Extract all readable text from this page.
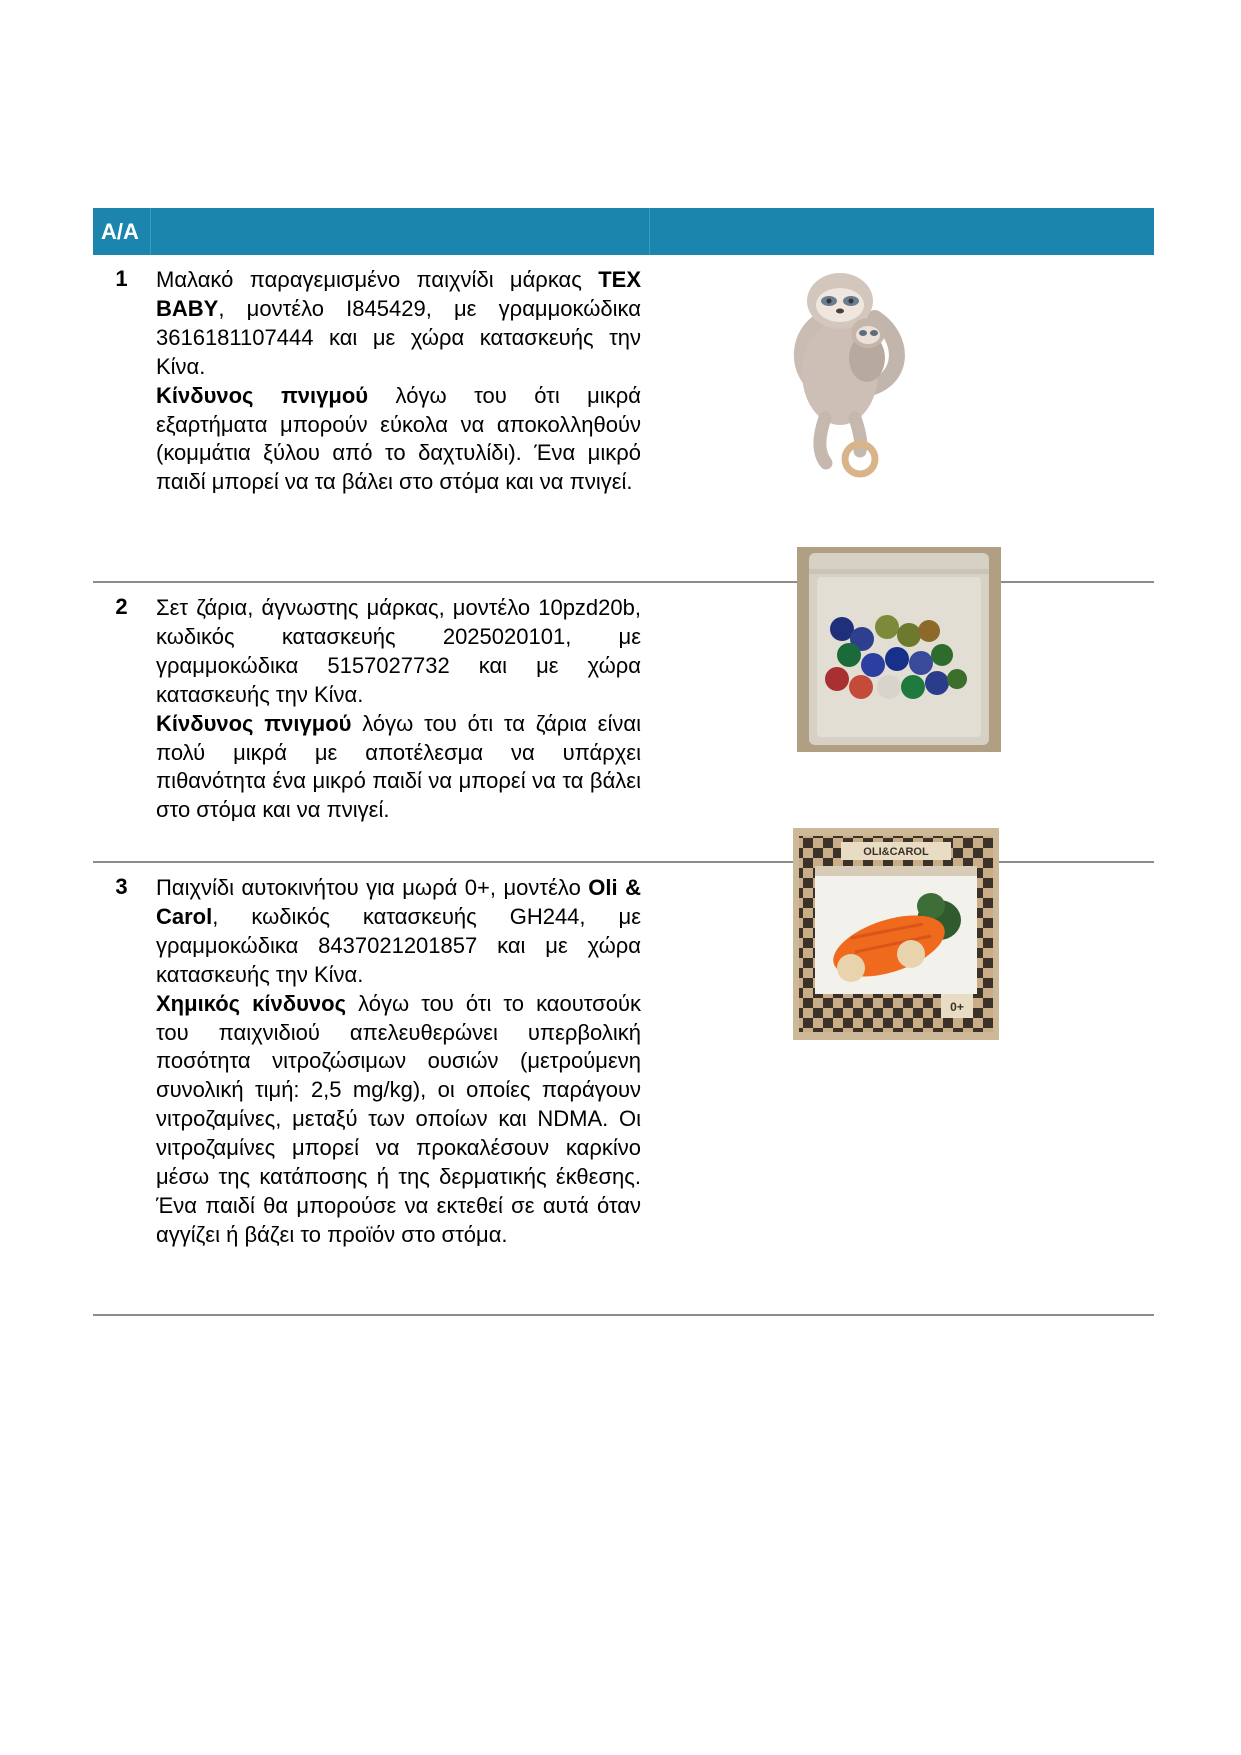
Α/Α		
1	Μαλακό παραγεμισμένο παιχνίδι μάρκας TEX BABY, μοντέλο I845429, με γραμμοκώδικα 3616181107444 και με χώρα κατασκευής την Κίνα.

Κίνδυνος πνιγμού λόγω του ότι μικρά εξαρτήματα μπορούν εύκολα να αποκολληθούν (κομμάτια ξύλου από το δαχτυλίδι). Ένα μικρό παιδί μπορεί να τα βάλει στο στόμα και να πνιγεί.	

2	Σετ ζάρια, άγνωστης μάρκας, μοντέλο 10pzd20b, κωδικός κατασκευής 2025020101, με γραμμοκώδικα 5157027732 και με χώρα κατασκευής την Κίνα.

Κίνδυνος πνιγμού λόγω του ότι τα ζάρια είναι πολύ μικρά με αποτέλεσμα να υπάρχει πιθανότητα ένα μικρό παιδί να μπορεί να τα βάλει στο στόμα και να πνιγεί.	

3	Παιχνίδι αυτοκινήτου για μωρά 0+, μοντέλο Oli & Carol, κωδικός κατασκευής GH244, με γραμμοκώδικα 8437021201857 και με χώρα κατασκευής την Κίνα.

Χημικός κίνδυνος λόγω του ότι το καουτσούκ του παιχνιδιού απελευθερώνει υπερβολική ποσότητα νιτροζώσιμων ουσιών (μετρούμενη συνολική τιμή: 2,5 mg/kg), οι οποίες παράγουν νιτροζαμίνες, μεταξύ των οποίων και NDMA. Οι νιτροζαμίνες μπορεί να προκαλέσουν καρκίνο μέσω της κατάποσης ή της δερματικής έκθεσης. Ένα παιδί θα μπορούσε να εκτεθεί σε αυτά όταν αγγίζει ή βάζει το προϊόν στο στόμα.	

OLI&CAROL
0+
